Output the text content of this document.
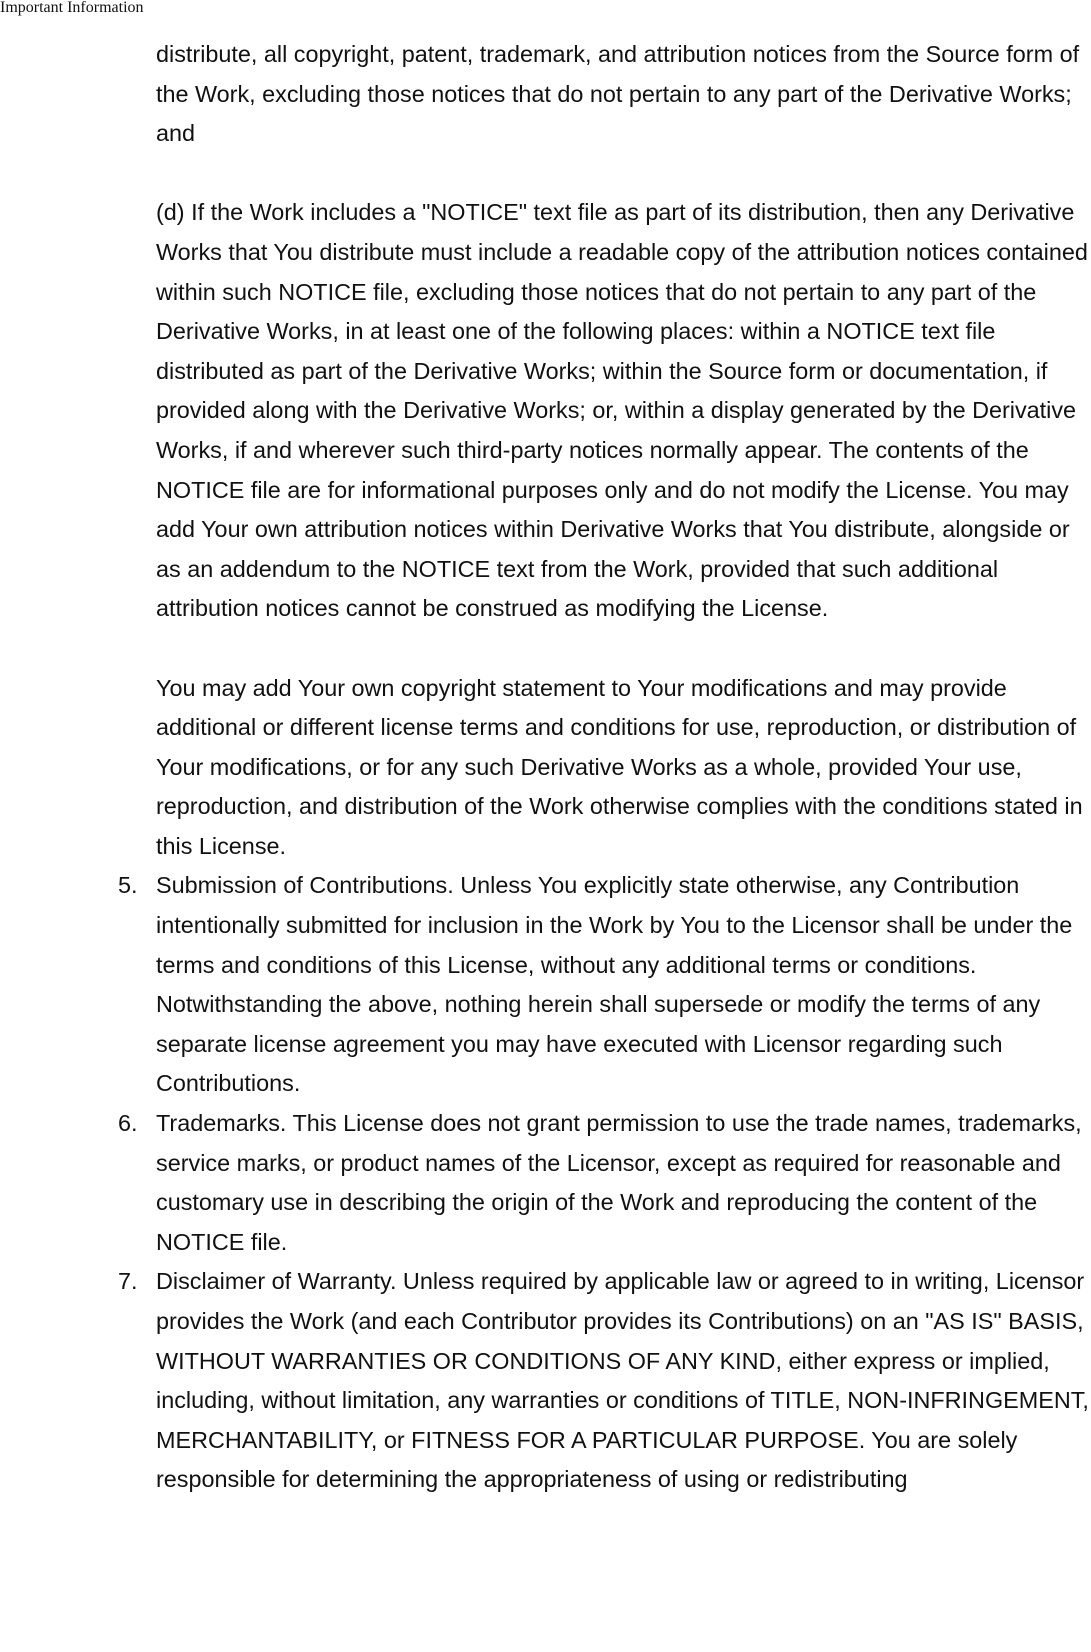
Important Information

distribute, all copyright, patent, trademark, and attribution notices from the Source form of the Work, excluding those notices that do not pertain to any part of the Derivative Works; and

(d) If the Work includes a "NOTICE" text file as part of its distribution, then any Derivative Works that You distribute must include a readable copy of the attribution notices contained within such NOTICE file, excluding those notices that do not pertain to any part of the Derivative Works, in at least one of the following places: within a NOTICE text file distributed as part of the Derivative Works; within the Source form or documentation, if provided along with the Derivative Works; or, within a display generated by the Derivative Works, if and wherever such third-party notices normally appear. The contents of the NOTICE file are for informational purposes only and do not modify the License. You may add Your own attribution notices within Derivative Works that You distribute, alongside or as an addendum to the NOTICE text from the Work, provided that such additional attribution notices cannot be construed as modifying the License.

You may add Your own copyright statement to Your modifications and may provide additional or different license terms and conditions for use, reproduction, or distribution of Your modifications, or for any such Derivative Works as a whole, provided Your use, reproduction, and distribution of the Work otherwise complies with the conditions stated in this License.

5. Submission of Contributions. Unless You explicitly state otherwise, any Contribution intentionally submitted for inclusion in the Work by You to the Licensor shall be under the terms and conditions of this License, without any additional terms or conditions.

Notwithstanding the above, nothing herein shall supersede or modify the terms of any separate license agreement you may have executed with Licensor regarding such Contributions.

6. Trademarks. This License does not grant permission to use the trade names, trademarks, service marks, or product names of the Licensor, except as required for reasonable and customary use in describing the origin of the Work and reproducing the content of the NOTICE file.

7. Disclaimer of Warranty. Unless required by applicable law or agreed to in writing, Licensor provides the Work (and each Contributor provides its Contributions) on an "AS IS" BASIS, WITHOUT WARRANTIES OR CONDITIONS OF ANY KIND, either express or implied, including, without limitation, any warranties or conditions of TITLE, NON-INFRINGEMENT, MERCHANTABILITY, or FITNESS FOR A PARTICULAR PURPOSE. You are solely responsible for determining the appropriateness of using or redistributing
